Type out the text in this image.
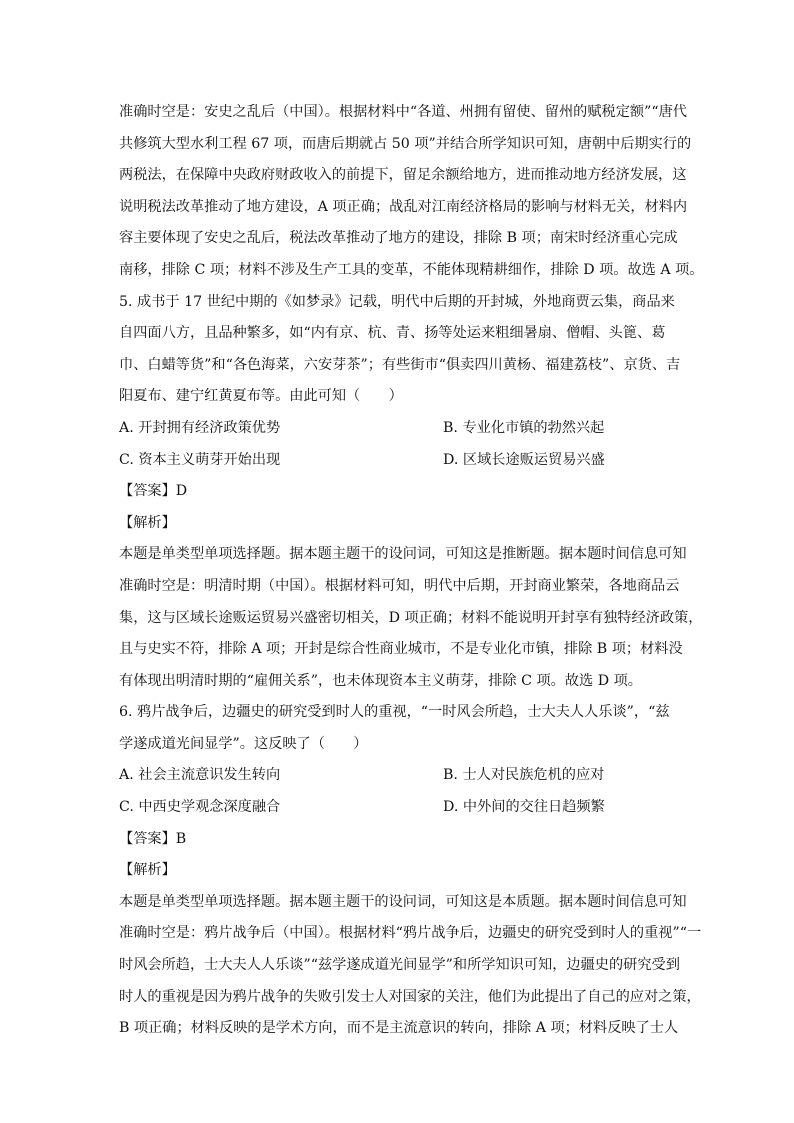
准确时空是：安史之乱后（中国）。根据材料中“各道、州拥有留使、留州的赋税定额”“唐代
共修筑大型水利工程 67 项，而唐后期就占 50 项”并结合所学知识可知，唐朝中后期实行的
两税法，在保障中央政府财政收入的前提下，留足余额给地方，进而推动地方经济发展，这
说明税法改革推动了地方建设，A 项正确；战乱对江南经济格局的影响与材料无关，材料内
容主要体现了安史之乱后，税法改革推动了地方的建设，排除 B 项；南宋时经济重心完成
南移，排除 C 项；材料不涉及生产工具的变革，不能体现精耕细作，排除 D 项。故选 A 项。
5. 成书于 17 世纪中期的《如梦录》记载，明代中后期的开封城，外地商贾云集，商品来
自四面八方，且品种繁多，如“内有京、杭、青、扬等处运来粗细暑扇、僧帽、头篦、葛
巾、白蜡等货”和“各色海菜，六安芽茶”；有些街市“俱卖四川黄杨、福建荔枝”、京货、吉
阳夏布、建宁红黄夏布等。由此可知（　　）
A. 开封拥有经济政策优势	B. 专业化市镇的勃然兴起
C. 资本主义萌芽开始出现	D. 区域长途贩运贸易兴盛
【答案】D
【解析】
本题是单类型单项选择题。据本题主题干的设问词，可知这是推断题。据本题时间信息可知
准确时空是：明清时期（中国）。根据材料可知，明代中后期，开封商业繁荣，各地商品云
集，这与区域长途贩运贸易兴盛密切相关，D 项正确；材料不能说明开封享有独特经济政策，
且与史实不符，排除 A 项；开封是综合性商业城市，不是专业化市镇，排除 B 项；材料没
有体现出明清时期的“雇佣关系”，也未体现资本主义萌芽，排除 C 项。故选 D 项。
6. 鸦片战争后，边疆史的研究受到时人的重视，“一时风会所趋，士大夫人人乐谈”，“兹
学遂成道光间显学”。这反映了（　　）
A. 社会主流意识发生转向	B. 士人对民族危机的应对
C. 中西史学观念深度融合	D. 中外间的交往日趋频繁
【答案】B
【解析】
本题是单类型单项选择题。据本题主题干的设问词，可知这是本质题。据本题时间信息可知
准确时空是：鸦片战争后（中国）。根据材料“鸦片战争后，边疆史的研究受到时人的重视”“一
时风会所趋，士大夫人人乐谈”“兹学遂成道光间显学”和所学知识可知，边疆史的研究受到
时人的重视是因为鸦片战争的失败引发士人对国家的关注，他们为此提出了自己的应对之策，
B 项正确；材料反映的是学术方向，而不是主流意识的转向，排除 A 项；材料反映了士人
